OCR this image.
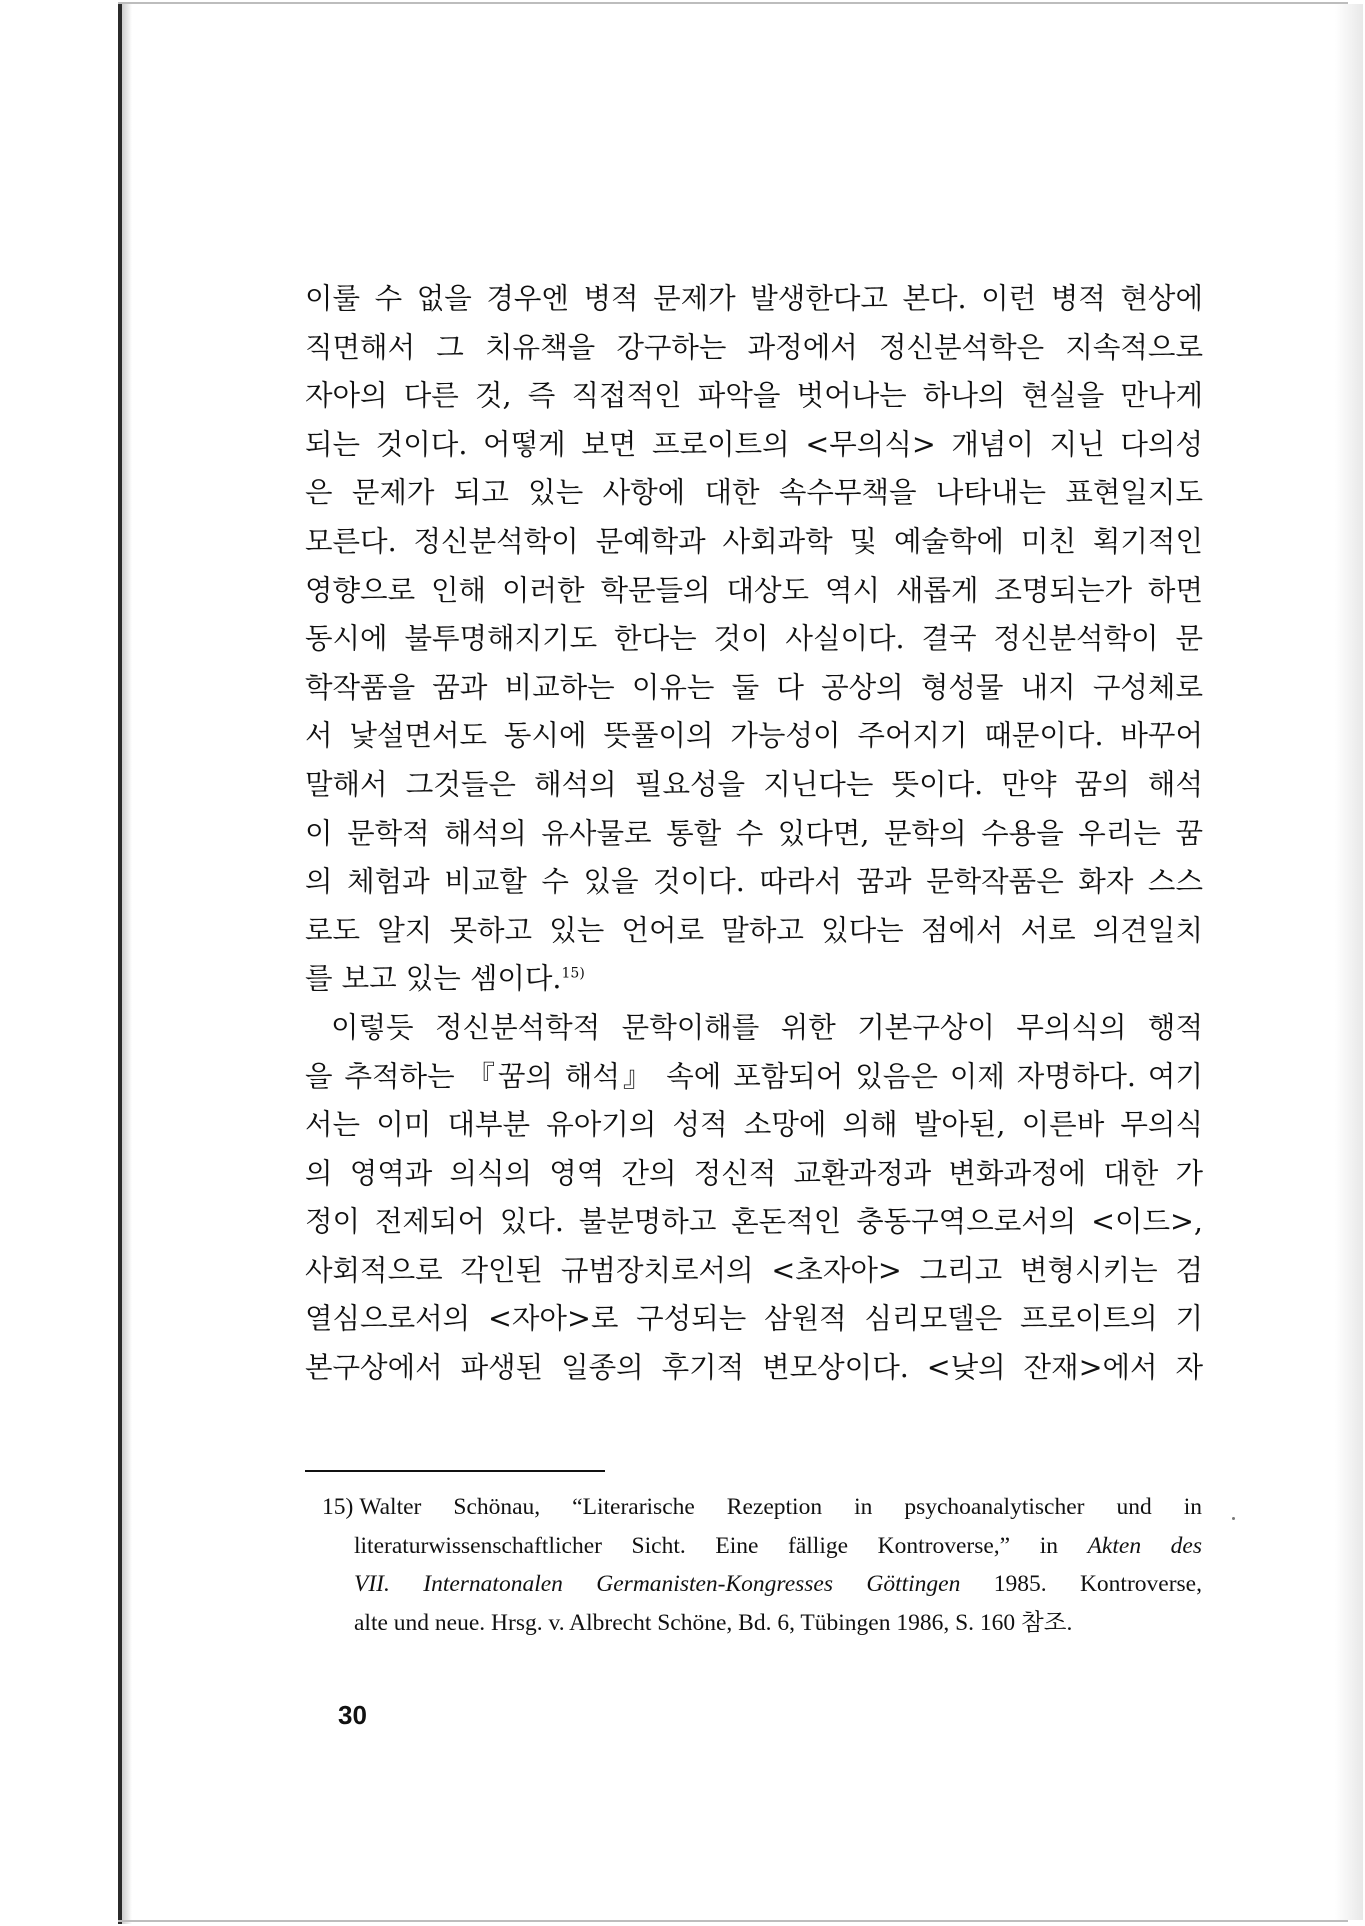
이룰 수 없을 경우엔 병적 문제가 발생한다고 본다. 이런 병적 현상에
직면해서 그 치유책을 강구하는 과정에서 정신분석학은 지속적으로
자아의 다른 것, 즉 직접적인 파악을 벗어나는 하나의 현실을 만나게
되는 것이다. 어떻게 보면 프로이트의 <무의식> 개념이 지닌 다의성
은 문제가 되고 있는 사항에 대한 속수무책을 나타내는 표현일지도
모른다. 정신분석학이 문예학과 사회과학 및 예술학에 미친 획기적인
영향으로 인해 이러한 학문들의 대상도 역시 새롭게 조명되는가 하면
동시에 불투명해지기도 한다는 것이 사실이다. 결국 정신분석학이 문
학작품을 꿈과 비교하는 이유는 둘 다 공상의 형성물 내지 구성체로
서 낯설면서도 동시에 뜻풀이의 가능성이 주어지기 때문이다. 바꾸어
말해서 그것들은 해석의 필요성을 지닌다는 뜻이다. 만약 꿈의 해석
이 문학적 해석의 유사물로 통할 수 있다면, 문학의 수용을 우리는 꿈
의 체험과 비교할 수 있을 것이다. 따라서 꿈과 문학작품은 화자 스스
로도 알지 못하고 있는 언어로 말하고 있다는 점에서 서로 의견일치
를 보고 있는 셈이다.$^{15)}$
이렇듯 정신분석학적 문학이해를 위한 기본구상이 무의식의 행적
을 추적하는 『꿈의 해석』 속에 포함되어 있음은 이제 자명하다. 여기
서는 이미 대부분 유아기의 성적 소망에 의해 발아된, 이른바 무의식
의 영역과 의식의 영역 간의 정신적 교환과정과 변화과정에 대한 가
정이 전제되어 있다. 불분명하고 혼돈적인 충동구역으로서의 <이드>,
사회적으로 각인된 규범장치로서의 <초자아> 그리고 변형시키는 검
열심으로서의 <자아>로 구성되는 삼원적 심리모델은 프로이트의 기
본구상에서 파생된 일종의 후기적 변모상이다. <낮의 잔재>에서 자
15) Walter Schönau, “Literarische Rezeption in psychoanalytischer und in
literaturwissenschaftlicher Sicht. Eine fällige Kontroverse,” in Akten des
VII. Internatonalen Germanisten-Kongresses Göttingen 1985. Kontroverse,
alte und neue. Hrsg. v. Albrecht Schöne, Bd. 6, Tübingen 1986, S. 160 참조.
30
